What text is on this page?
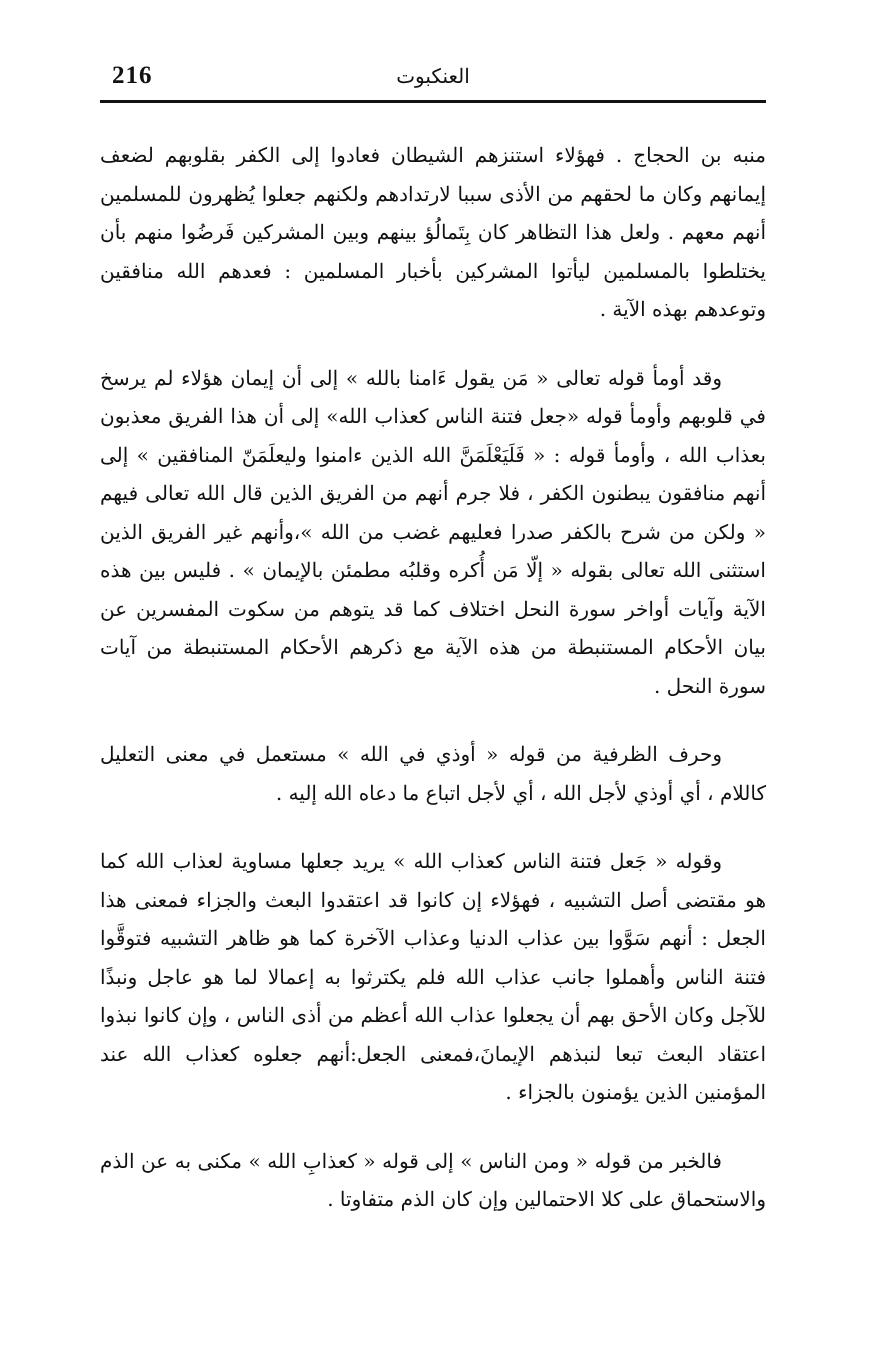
216	العنكبوت

منبه بن الحجاج . فهؤلاء استنزهم الشيطان فعادوا إلى الكفر بقلوبهم لضعف إيمانهم وكان ما لحقهم من الأذى سببا لارتدادهم ولكنهم جعلوا يُظهرون للمسلمين أنهم معهم . ولعل هذا التظاهر كان بِتَمالُؤ بينهم وبين المشركين فَرضُوا منهم بأن يختلطوا بالمسلمين ليأتوا المشركين بأخبار المسلمين : فعدهم الله منافقين وتوعدهم بهذه الآية .

وقد أومأ قوله تعالى « مَن يقول ءَامنا بالله » إلى أن إيمان هؤلاء لم يرسخ في قلوبهم وأومأ قوله «جعل فتنة الناس كعذاب الله» إلى أن هذا الفريق معذبون بعذاب الله ، وأومأ قوله : « فَلَيَعْلَمَنَّ الله الذين ءامنوا وليعلَمَنّ المنافقين » إلى أنهم منافقون يبطنون الكفر ، فلا جرم أنهم من الفريق الذين قال الله تعالى فيهم « ولكن من شرح بالكفر صدرا فعليهم غضب من الله »،وأنهم غير الفريق الذين استثنى الله تعالى بقوله « إلّا مَن أُكره وقلبُه مطمئن بالإيمان » . فليس بين هذه الآية وآيات أواخر سورة النحل اختلاف كما قد يتوهم من سكوت المفسرين عن بيان الأحكام المستنبطة من هذه الآية مع ذكرهم الأحكام المستنبطة من آيات سورة النحل .

وحرف الظرفية من قوله « أوذي في الله » مستعمل في معنى التعليل كاللام ، أي أوذي لأجل الله ، أي لأجل اتباع ما دعاه الله إليه .

وقوله « جَعل فتنة الناس كعذاب الله » يريد جعلها مساوية لعذاب الله كما هو مقتضى أصل التشبيه ، فهؤلاء إن كانوا قد اعتقدوا البعث والجزاء فمعنى هذا الجعل : أنهم سَوَّوا بين عذاب الدنيا وعذاب الآخرة كما هو ظاهر التشبيه فتوقَّوا فتنة الناس وأهملوا جانب عذاب الله فلم يكترثوا به إعمالا لما هو عاجل ونبذًا للآجل وكان الأحق بهم أن يجعلوا عذاب الله أعظم من أذى الناس ، وإن كانوا نبذوا اعتقاد البعث تبعا لنبذهم الإيمانَ،فمعنى الجعل:أنهم جعلوه كعذاب الله عند المؤمنين الذين يؤمنون بالجزاء .

فالخبر من قوله « ومن الناس » إلى قوله « كعذابِ الله » مكنى به عن الذم والاستحماق على كلا الاحتمالين وإن كان الذم متفاوتا .
